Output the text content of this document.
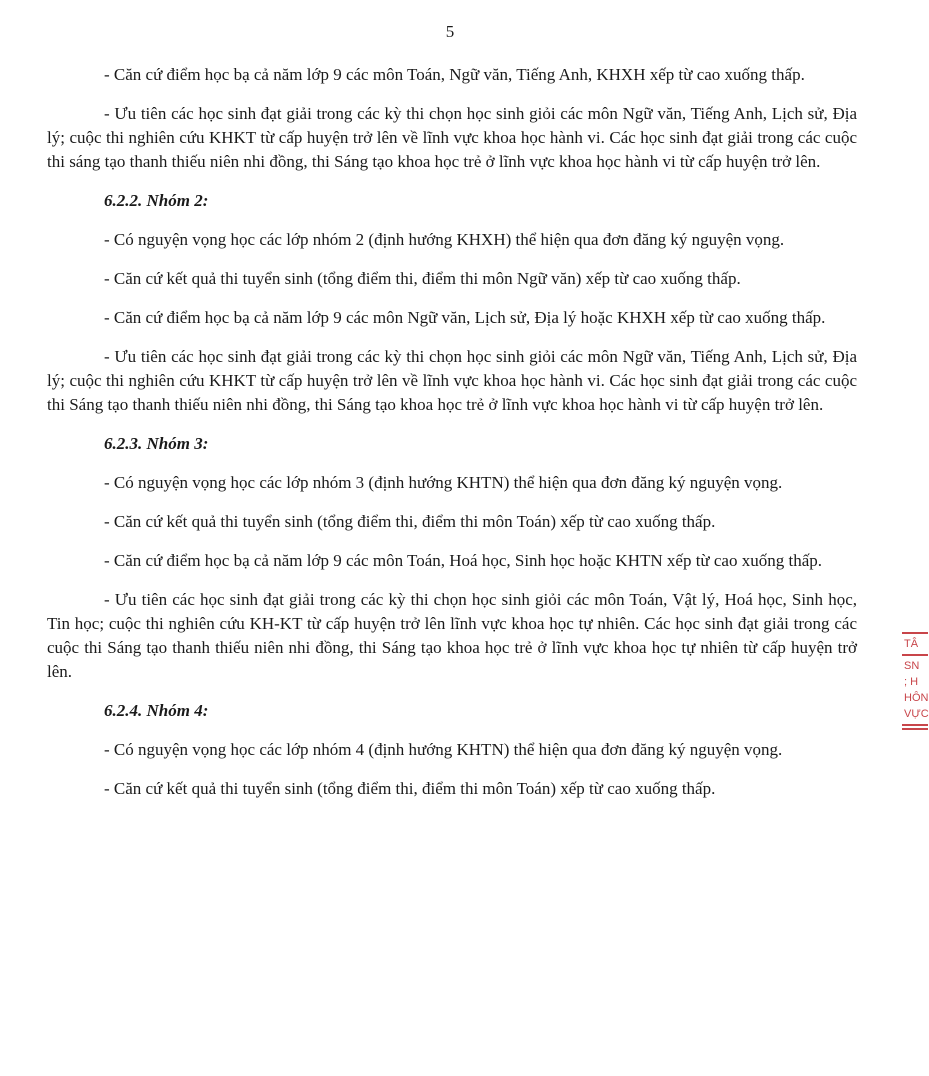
5

- Căn cứ điểm học bạ cả năm lớp 9 các môn Toán, Ngữ văn, Tiếng Anh, KHXH xếp từ cao xuống thấp.

- Ưu tiên các học sinh đạt giải trong các kỳ thi chọn học sinh giỏi các môn Ngữ văn, Tiếng Anh, Lịch sử, Địa lý; cuộc thi nghiên cứu KHKT từ cấp huyện trở lên về lĩnh vực khoa học hành vi. Các học sinh đạt giải trong các cuộc thi sáng tạo thanh thiếu niên nhi đồng, thi Sáng tạo khoa học trẻ ở lĩnh vực khoa học hành vi từ cấp huyện trở lên.

6.2.2. Nhóm 2:

- Có nguyện vọng học các lớp nhóm 2 (định hướng KHXH) thể hiện qua đơn đăng ký nguyện vọng.

- Căn cứ kết quả thi tuyển sinh (tổng điểm thi, điểm thi môn Ngữ văn) xếp từ cao xuống thấp.

- Căn cứ điểm học bạ cả năm lớp 9 các môn Ngữ văn, Lịch sử, Địa lý hoặc KHXH xếp từ cao xuống thấp.

- Ưu tiên các học sinh đạt giải trong các kỳ thi chọn học sinh giỏi các môn Ngữ văn, Tiếng Anh, Lịch sử, Địa lý; cuộc thi nghiên cứu KHKT từ cấp huyện trở lên về lĩnh vực khoa học hành vi. Các học sinh đạt giải trong các cuộc thi Sáng tạo thanh thiếu niên nhi đồng, thi Sáng tạo khoa học trẻ ở lĩnh vực khoa học hành vi từ cấp huyện trở lên.

6.2.3. Nhóm 3:

- Có nguyện vọng học các lớp nhóm 3 (định hướng KHTN) thể hiện qua đơn đăng ký nguyện vọng.

- Căn cứ kết quả thi tuyển sinh (tổng điểm thi, điểm thi môn Toán) xếp từ cao xuống thấp.

- Căn cứ điểm học bạ cả năm lớp 9 các môn Toán, Hoá học, Sinh học hoặc KHTN xếp từ cao xuống thấp.

- Ưu tiên các học sinh đạt giải trong các kỳ thi chọn học sinh giỏi các môn Toán, Vật lý, Hoá học, Sinh học, Tin học; cuộc thi nghiên cứu KH-KT từ cấp huyện trở lên lĩnh vực khoa học tự nhiên. Các học sinh đạt giải trong các cuộc thi Sáng tạo thanh thiếu niên nhi đồng, thi Sáng tạo khoa học trẻ ở lĩnh vực khoa học tự nhiên từ cấp huyện trở lên.

6.2.4. Nhóm 4:

- Có nguyện vọng học các lớp nhóm 4 (định hướng KHTN) thể hiện qua đơn đăng ký nguyện vọng.

- Căn cứ kết quả thi tuyển sinh (tổng điểm thi, điểm thi môn Toán) xếp từ cao xuống thấp.

TÂ
SN
; H
HÔN
VỰC
